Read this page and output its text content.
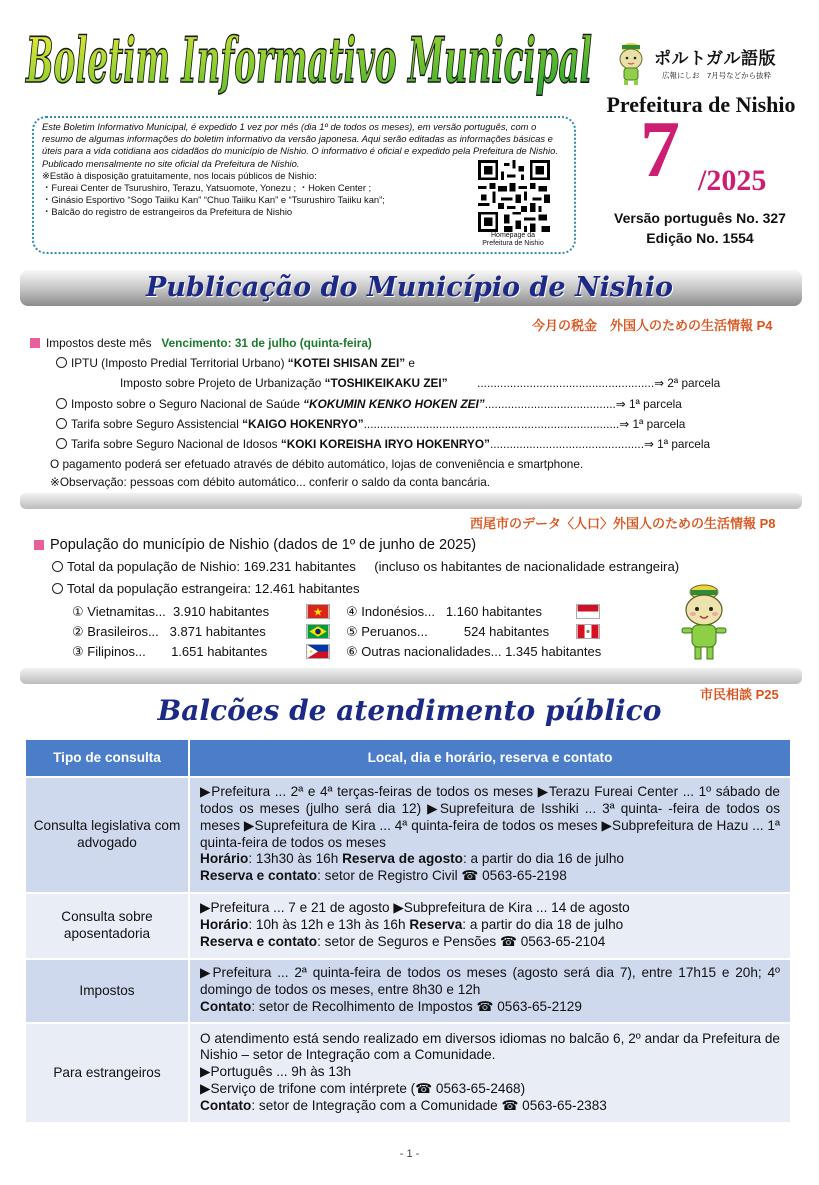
Boletim Informativo Municipal
Este Boletim Informativo Municipal, é expedido 1 vez por mês (dia 1º de todos os meses), em versão português, com o resumo de algumas informações do boletim informativo da versão japonesa. Aqui serão editadas as informações básicas e úteis para a vida cotidiana aos cidadãos do município de Nishio. O informativo é oficial e expedido pela Prefeitura de Nishio.
Publicado mensalmente no site oficial da Prefeitura de Nishio.
※Estão à disposição gratuitamente, nos locais públicos de Nishio:
・Fureai Center de Tsurushiro, Terazu, Yatsuomote, Yonezu ; ・Hoken Center ;
・Ginásio Esportivo “Sogo Taiiku Kan” “Chuo Taiiku Kan” e “Tsurushiro Taiiku kan”;
・Balcão do registro de estrangeiros da Prefeitura de Nishio
Homepage da
Prefeitura de Nishio
ポルトガル語版
広報にしお　7月号などから抜粋
Prefeitura de Nishio
7 /2025
Versão português No. 327
Edição No. 1554
Publicação do Município de Nishio
今月の税金　外国人のための生活情報 P4
Impostos deste mês Vencimento: 31 de julho (quinta-feira)
IPTU (Imposto Predial Territorial Urbano) “KOTEI SHISAN ZEI” e
Imposto sobre Projeto de Urbanização “TOSHIKEIKAKU ZEI”	......................................................⇒ 2ª parcela
Imposto sobre o Seguro Nacional de Saúde “KOKUMIN KENKO HOKEN ZEI”........................................⇒ 1ª parcela
Tarifa sobre Seguro Assistencial “KAIGO HOKENRYO”..............................................................................⇒ 1ª parcela
Tarifa sobre Seguro Nacional de Idosos “KOKI KOREISHA IRYO HOKENRYO”...............................................⇒ 1ª parcela
O pagamento poderá ser efetuado através de débito automático, lojas de conveniência e smartphone.
※Observação: pessoas com débito automático... conferir o saldo da conta bancária.
西尾市のデータ〈人口〉外国人のための生活情報 P8
População do município de Nishio (dados de 1º de junho de 2025)
Total da população de Nishio: 169.231 habitantes     (incluso os habitantes de nacionalidade estrangeira)
Total da população estrangeira: 12.461 habitantes
① Vietnamitas...  3.910 habitantes
② Brasileiros...   3.871 habitantes
③ Filipinos...       1.651 habitantes
④ Indonésios...   1.160 habitantes
⑤ Peruanos...          524 habitantes
⑥ Outras nacionalidades... 1.345 habitantes
市民相談 P25
Balcões de atendimento público
Tipo de consulta	Local, dia e horário, reserva e contato
Consulta legislativa com advogado	▶Prefeitura ... 2ª e 4ª terças-feiras de todos os meses ▶Terazu Fureai Center ... 1º sábado de todos os meses (julho será dia 12) ▶Suprefeitura de Isshiki ... 3ª quinta- -feira de todos os meses ▶Suprefeitura de Kira ... 4ª quinta-feira de todos os meses ▶Subprefeitura de Hazu ... 1ª quinta-feira de todos os meses
Horário: 13h30 às 16h Reserva de agosto: a partir do dia 16 de julho
Reserva e contato: setor de Registro Civil ☎ 0563-65-2198

Consulta sobre aposentadoria	▶Prefeitura ... 7 e 21 de agosto ▶Subprefeitura de Kira ... 14 de agosto
Horário: 10h às 12h e 13h às 16h Reserva: a partir do dia 18 de julho
Reserva e contato: setor de Seguros e Pensões ☎ 0563-65-2104

Impostos	▶Prefeitura ... 2ª quinta-feira de todos os meses (agosto será dia 7), entre 17h15 e 20h; 4º domingo de todos os meses, entre 8h30 e 12h
Contato: setor de Recolhimento de Impostos ☎ 0563-65-2129

Para estrangeiros	O atendimento está sendo realizado em diversos idiomas no balcão 6, 2º andar da Prefeitura de Nishio – setor de Integração com a Comunidade.
▶Português ... 9h às 13h
▶Serviço de trifone com intérprete (☎ 0563-65-2468)
Contato: setor de Integração com a Comunidade ☎ 0563-65-2383
- 1 -
